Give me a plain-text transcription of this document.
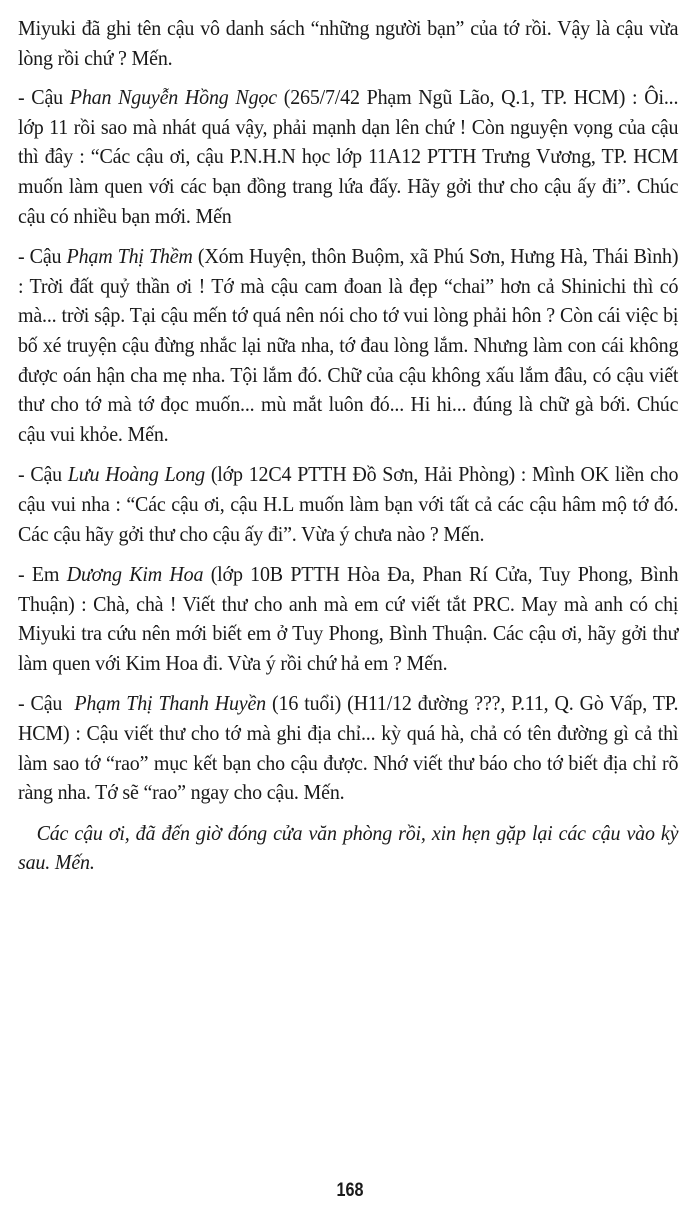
Miyuki đã ghi tên cậu vô danh sách “những người bạn” của tớ rồi. Vậy là cậu vừa lòng rồi chứ ? Mến.

- Cậu Phan Nguyễn Hồng Ngọc (265/7/42 Phạm Ngũ Lão, Q.1, TP. HCM) : Ôi... lớp 11 rồi sao mà nhát quá vậy, phải mạnh dạn lên chứ ! Còn nguyện vọng của cậu thì đây : “Các cậu ơi, cậu P.N.H.N học lớp 11A12 PTTH Trưng Vương, TP. HCM muốn làm quen với các bạn đồng trang lứa đấy. Hãy gởi thư cho cậu ấy đi”. Chúc cậu có nhiều bạn mới. Mến

- Cậu Phạm Thị Thềm (Xóm Huyện, thôn Buộm, xã Phú Sơn, Hưng Hà, Thái Bình) : Trời đất quỷ thần ơi ! Tớ mà cậu cam đoan là đẹp “chai” hơn cả Shinichi thì có mà... trời sập. Tại cậu mến tớ quá nên nói cho tớ vui lòng phải hôn ? Còn cái việc bị bố xé truyện cậu đừng nhắc lại nữa nha, tớ đau lòng lắm. Nhưng làm con cái không được oán hận cha mẹ nha. Tội lắm đó. Chữ của cậu không xấu lắm đâu, có cậu viết thư cho tớ mà tớ đọc muốn... mù mắt luôn đó... Hi hi... đúng là chữ gà bới. Chúc cậu vui khỏe. Mến.

- Cậu Lưu Hoàng Long (lớp 12C4 PTTH Đồ Sơn, Hải Phòng) : Mình OK liền cho cậu vui nha : “Các cậu ơi, cậu H.L muốn làm bạn với tất cả các cậu hâm mộ tớ đó. Các cậu hãy gởi thư cho cậu ấy đi”. Vừa ý chưa nào ? Mến.

- Em Dương Kim Hoa (lớp 10B PTTH Hòa Đa, Phan Rí Cửa, Tuy Phong, Bình Thuận) : Chà, chà ! Viết thư cho anh mà em cứ viết tắt PRC. May mà anh có chị Miyuki tra cứu nên mới biết em ở Tuy Phong, Bình Thuận. Các cậu ơi, hãy gởi thư làm quen với Kim Hoa đi. Vừa ý rồi chứ hả em ? Mến.

- Cậu  Phạm Thị Thanh Huyền (16 tuổi) (H11/12 đường ???, P.11, Q. Gò Vấp, TP. HCM) : Cậu viết thư cho tớ mà ghi địa chỉ... kỳ quá hà, chả có tên đường gì cả thì làm sao tớ “rao” mục kết bạn cho cậu được. Nhớ viết thư báo cho tớ biết địa chỉ rõ ràng nha. Tớ sẽ “rao” ngay cho cậu. Mến.

Các cậu ơi, đã đến giờ đóng cửa văn phòng rồi, xin hẹn gặp lại các cậu vào kỳ sau. Mến.

168
